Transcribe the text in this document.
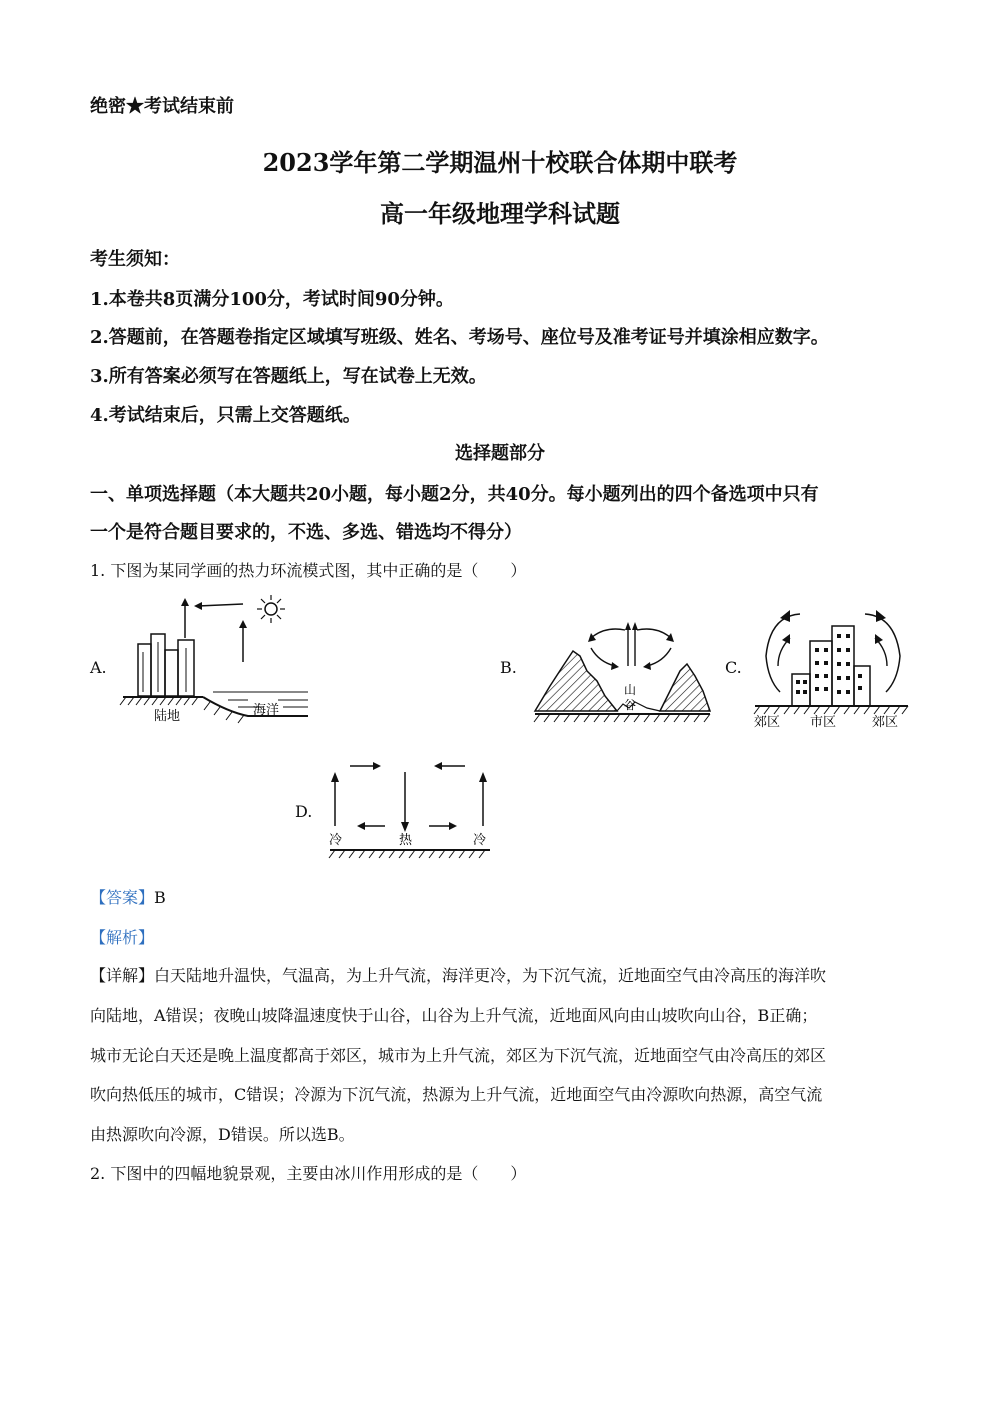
绝密★考试结束前
2023学年第二学期温州十校联合体期中联考
高一年级地理学科试题
考生须知：
1.本卷共8页满分100分，考试时间90分钟。
2.答题前，在答题卷指定区域填写班级、姓名、考场号、座位号及准考证号并填涂相应数字。
3.所有答案必须写在答题纸上，写在试卷上无效。
4.考试结束后，只需上交答题纸。
选择题部分
一、单项选择题（本大题共20小题，每小题2分，共40分。每小题列出的四个备选项中只有
一个是符合题目要求的，不选、多选、错选均不得分）
1. 下图为某同学画的热力环流模式图，其中正确的是（　　）
A.
陆地	海洋
B.
山
谷
C.
郊区 市区	郊区
D.
冷	热	冷
【答案】B
【解析】
【详解】白天陆地升温快，气温高，为上升气流，海洋更冷，为下沉气流，近地面空气由冷高压的海洋吹
向陆地，A错误；夜晚山坡降温速度快于山谷，山谷为上升气流，近地面风向由山坡吹向山谷，B正确；
城市无论白天还是晚上温度都高于郊区，城市为上升气流，郊区为下沉气流，近地面空气由冷高压的郊区
吹向热低压的城市，C错误；冷源为下沉气流，热源为上升气流，近地面空气由冷源吹向热源，高空气流
由热源吹向冷源，D错误。所以选B。
2. 下图中的四幅地貌景观，主要由冰川作用形成的是（　　）
